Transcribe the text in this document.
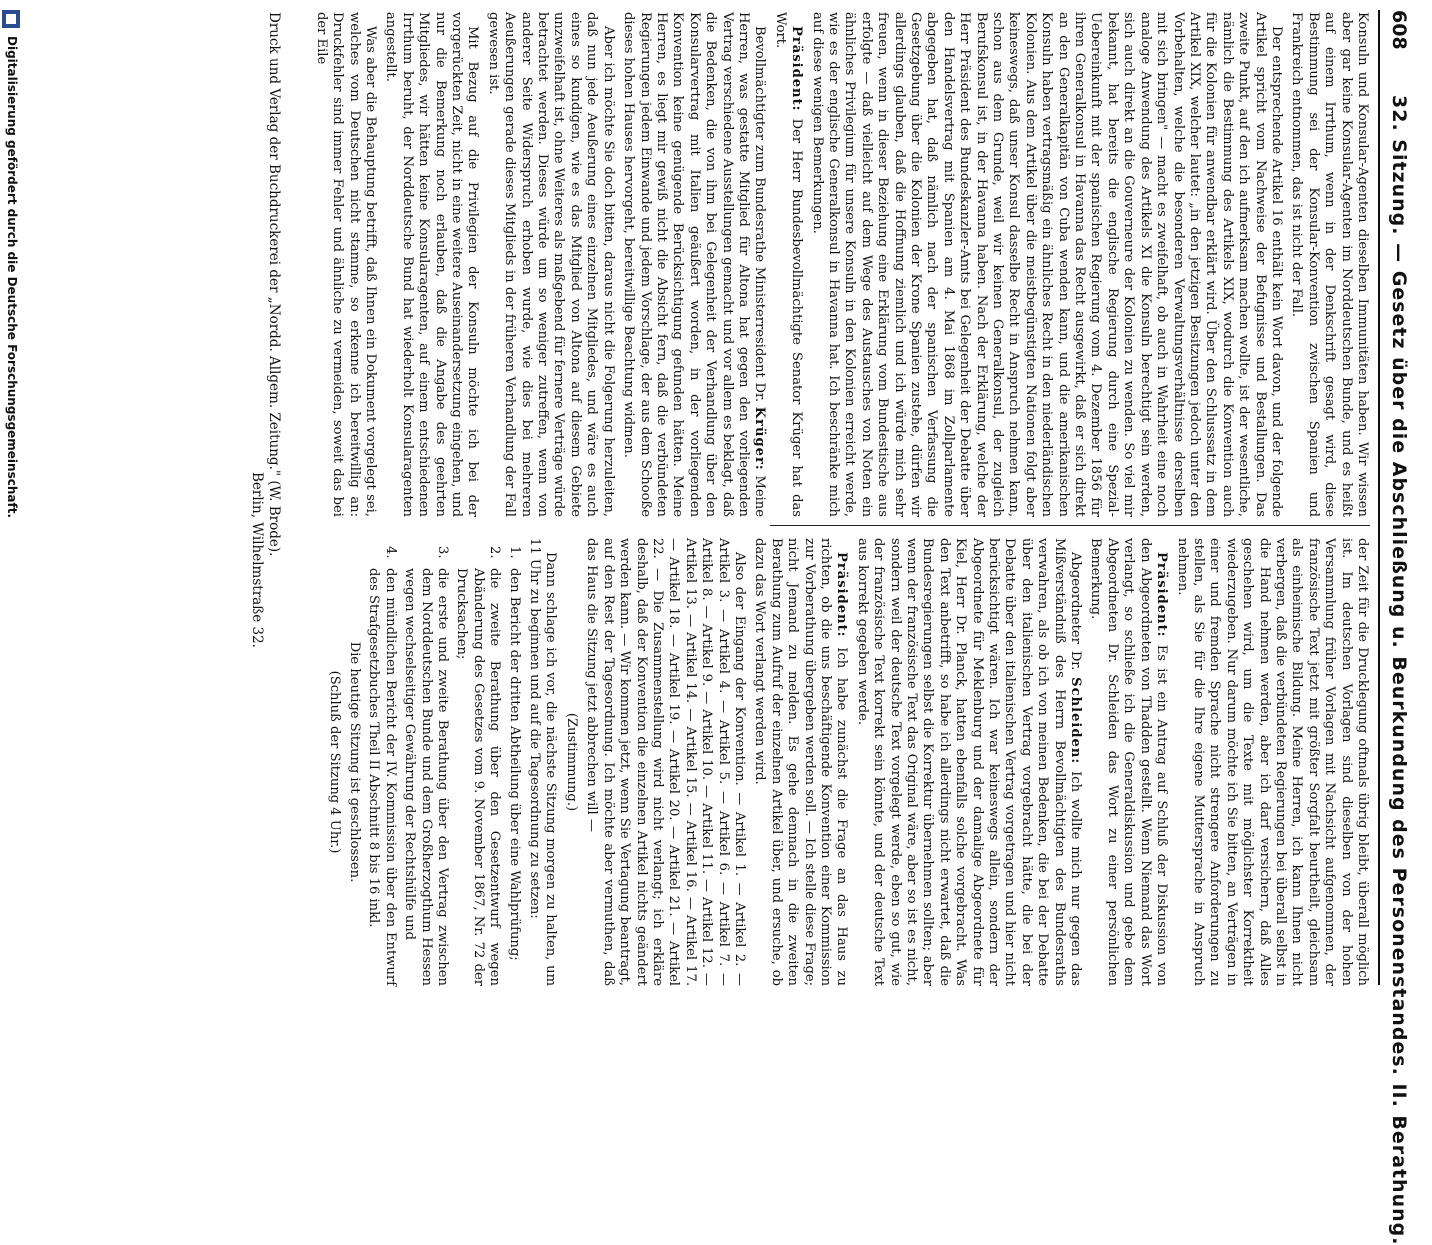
608
32. Sitzung. — Gesetz über die Abschließung u. Beurkundung des Personenstandes. II. Berathung.

Konsuln und Konsular-Agenten dieselben Immunitäten haben. Wir wissen aber gar keine Konsular-Agenten im Norddeutschen Bunde, und es heißt auf einem Irrthum, wenn in der Denkschrift gesagt wird, diese Bestimmung sei der Konsular-Konvention zwischen Spanien und Frankreich entnommen, das ist nicht der Fall.

Der entsprechende Artikel 16 enthält kein Wort davon, und der folgende Artikel spricht vom Nachweise der Befugnisse und Bestallungen. Das zweite Punkt, auf den ich aufmerksam machen wollte, ist der wesentliche, nämlich die Bestimmung des Artikels XIX, wodurch die Konvention auch für die Kolonien für anwendbar erklärt wird. Über den Schlusssatz in dem Artikel XIX, welcher lautet: „in den jetzigen Besitzungen jedoch unter den Vorbehalten, welche die besonderen Verwaltungsverhältnisse derselben mit sich bringen" — macht es zweifelhaft, ob auch in Wahrheit eine noch analoge Anwendung des Artikels XI die Konsuln berechtigt sein werden, sich auch direkt an die Gouverneure der Kolonien zu wenden. So viel mir bekannt, hat bereits die englische Regierung durch eine Spezial-Uebereinkunft mit der spanischen Regierung vom 4. Dezember 1856 für ihren Generalkonsul in Havanna das Recht ausgewirkt, daß er sich direkt an den Generalkapitän von Cuba wenden kann, und die amerikanischen Konsuln haben vertragsmäßig ein ähnliches Recht in den niederländischen Kolonien. Aus dem Artikel über die meistbegünstigten Nationen folgt aber keineswegs, daß unser Konsul dasselbe Recht in Anspruch nehmen kann, schon aus dem Grunde, weil wir keinen Generalkonsul, der zugleich Berufskonsul ist, in der Havanna haben. Nach der Erklärung, welche der Herr Präsident des Bundeskanzler-Amts bei Gelegenheit der Debatte über den Handelsvertrag mit Spanien am 4. Mai 1868 im Zollparlamente abgegeben hat, daß nämlich nach der spanischen Verfassung die Gesetzgebung über die Kolonien der Krone Spanien zustehe, dürfen wir allerdings glauben, daß die Hoffnung ziemlich und ich würde mich sehr freuen, wenn in dieser Beziehung eine Erklärung vom Bundestische aus erfolgte — daß vielleicht auf dem Wege des Austausches von Noten ein ähnliches Privilegium für unsere Konsuln in den Kolonien erreicht werde, wie es der englische Generalkonsul in Havanna hat. Ich beschränke mich auf diese wenigen Bemerkungen.

Präsident: Der Herr Bundesbevollmächtigte Senator Krüger hat das Wort.

Bevollmächtigter zum Bundesrathe Ministerresident Dr. Krüger: Meine Herren, was gestatte Mitglied für Altona hat gegen den vorliegenden Vertrag verschiedene Ausstellungen gemacht und vor allem es beklagt, daß die Bedenken, die von ihm bei Gelegenheit der Verhandlung über den Konsularvertrag mit Italien geäußert worden, in der vorliegenden Konvention keine genügende Berücksichtigung gefunden hätten. Meine Herren, es liegt mir gewiß nicht die Absicht fern, daß die verbündeten Regierungen jedem Einwande und jedem Vorschlage, der aus dem Schooße dieses hohen Hauses hervorgeht, bereitwillige Beachtung widmen.

Aber ich möchte Sie doch bitten, daraus nicht die Folgerung herzuleiten, daß nun jede Aeußerung eines einzelnen Mitgliedes, und wäre es auch eines so kundigen, wie es das Mitglied von Altona auf diesem Gebiete unzweifelhaft ist, ohne Weiteres als maßgebend für fernere Verträge würde betrachtet werden. Dieses würde um so weniger zutreffen, wenn von anderer Seite Widerspruch erhoben wurde, wie dies bei mehreren Aeußerungen gerade dieses Mitglieds in der früheren Verhandlung der Fall gewesen ist.

Mit Bezug auf die Privilegien der Konsuln möchte ich bei der vorgerückten Zeit, nicht in eine weitere Auseinandersetzung eingehen, und nur die Bemerkung noch erlauben, daß die Angabe des geehrten Mitgliedes, wir hätten keine Konsularagenten, auf einem entschiedenen Irrthum beruht, der Norddeutsche Bund hat wiederholt Konsularagenten angestellt.

Was aber die Behauptung betrifft, daß Ihnen ein Dokument vorgelegt sei, welches vom Deutschen nicht stamme, so erkenne ich bereitwillig an: Druckfehler sind immer Fehler und ähnliche zu vermeiden, soweit das bei der Eile

der Zeit für die Drucklegung oftmals übrig bleibt, überall möglich ist. Im deutschen Vorlagen sind dieselben von der hohen Versammlung früher Vorlagen mit Nachsicht aufgenommen, der französische Text jetzt mit größter Sorgfalt beurtheilt, gleichsam als einheimische Bildung. Meine Herren, ich kann Ihnen nicht verbergen, daß die verbündeten Regierungen bei überall selbst in die Hand nehmen werden, aber ich darf versichern, daß Alles geschehen wird, um die Texte mit möglichster Korrektheit wiederzugeben. Nur darum möchte ich Sie bitten, an Verträgen in einer und fremden Sprache nicht strengere Anforderungen zu stellen, als Sie für die Ihre eigene Muttersprache in Anspruch nehmen.

Präsident: Es ist ein Antrag auf Schluß der Diskussion von den Abgeordneten von Thadden gestellt. Wenn Niemand das Wort verlangt, so schließe ich die Generaldiskussion und gebe dem Abgeordneten Dr. Schleiden das Wort zu einer persönlichen Bemerkung.

Abgeordneter Dr. Schleiden: Ich wollte mich nur gegen das Mißverständniß des Herrn Bevollmächtigten des Bundesraths verwahren, als ob ich von meinen Bedenken, die bei der Debatte über den italienischen Vertrag vorgebracht hätte, die bei der Debatte über den italienischen Vertrag vorgetragen und hier nicht berücksichtigt wären. Ich war keineswegs allein, sondern der Abgeordnete für Meklenburg und der damalige Abgeordnete für Kiel, Herr Dr. Planck, hatten ebenfalls solche vorgebracht. Was den Text anbetrifft, so habe ich allerdings nicht erwartet, daß die Bundesregierungen selbst die Korrektur übernehmen sollten; aber wenn der französische Text das Original wäre, aber so ist es nicht, sondern weil der deutsche Text vorgelegt werde, eben so gut, wie der französische Text korrekt sein könnte, und der deutsche Text aus korrekt gegeben werde.

Präsident: Ich habe zunächst die Frage an das Haus zu richten, ob die uns beschäftigende Konvention einer Kommission zur Vorberathung übergeben werden soll. — Ich stelle diese Frage; nicht Jemand zu melden. Es gehe demnach in die zweiten Berathung zum Aufruf der einzelnen Artikel über, und ersuche, ob dazu das Wort verlangt werden wird.

Also der Eingang der Konvention. — Artikel 1. — Artikel 2. — Artikel 3. — Artikel 4. — Artikel 5. — Artikel 6. — Artikel 7. — Artikel 8. — Artikel 9. — Artikel 10. — Artikel 11. — Artikel 12. — Artikel 13. — Artikel 14. — Artikel 15. — Artikel 16. — Artikel 17. — Artikel 18. — Artikel 19. — Artikel 20. — Artikel 21. — Artikel 22. — Die Zusammenstellung wird nicht verlangt; ich erkläre deshalb, daß der Konvention die einzelnen Artikel nichts geändert werden kann. — Wir kommen jetzt, wenn Sie Vertagung beantragt, auf den Rest der Tagesordnung. Ich möchte aber vermuthen, daß das Haus die Sitzung jetzt abbrechen will —

(Zustimmung.)

Dann schlage ich vor, die nächste Sitzung morgen zu halten, um 11 Uhr zu beginnen und auf die Tagesordnung zu setzen:

1.
den Bericht der dritten Abtheilung über eine Wahlprüfung;
2.
die zweite Berathung über den Gesetzentwurf wegen Abänderung des Gesetzes vom 9. November 1867, Nr. 72 der Drucksachen;
3.
die erste und zweite Berathung über den Vertrag zwischen dem Norddeutschen Bunde und dem Großherzogthum Hessen wegen wechselseitiger Gewährung der Rechtshülfe und
4.
den mündlichen Bericht der IV. Kommission über den Entwurf des Strafgesetzbuches Theil II Abschnitt 8 bis 16 inkl.

Die heutige Sitzung ist geschlossen.

(Schluß der Sitzung 4 Uhr.)

Druck und Verlag der Buchdruckerei der „Nordd. Allgem. Zeitung." (W. Brode).
Berlin, Wilhelmstraße 32.
Digitalisierung gefördert durch die Deutsche Forschungsgemeinschaft.
